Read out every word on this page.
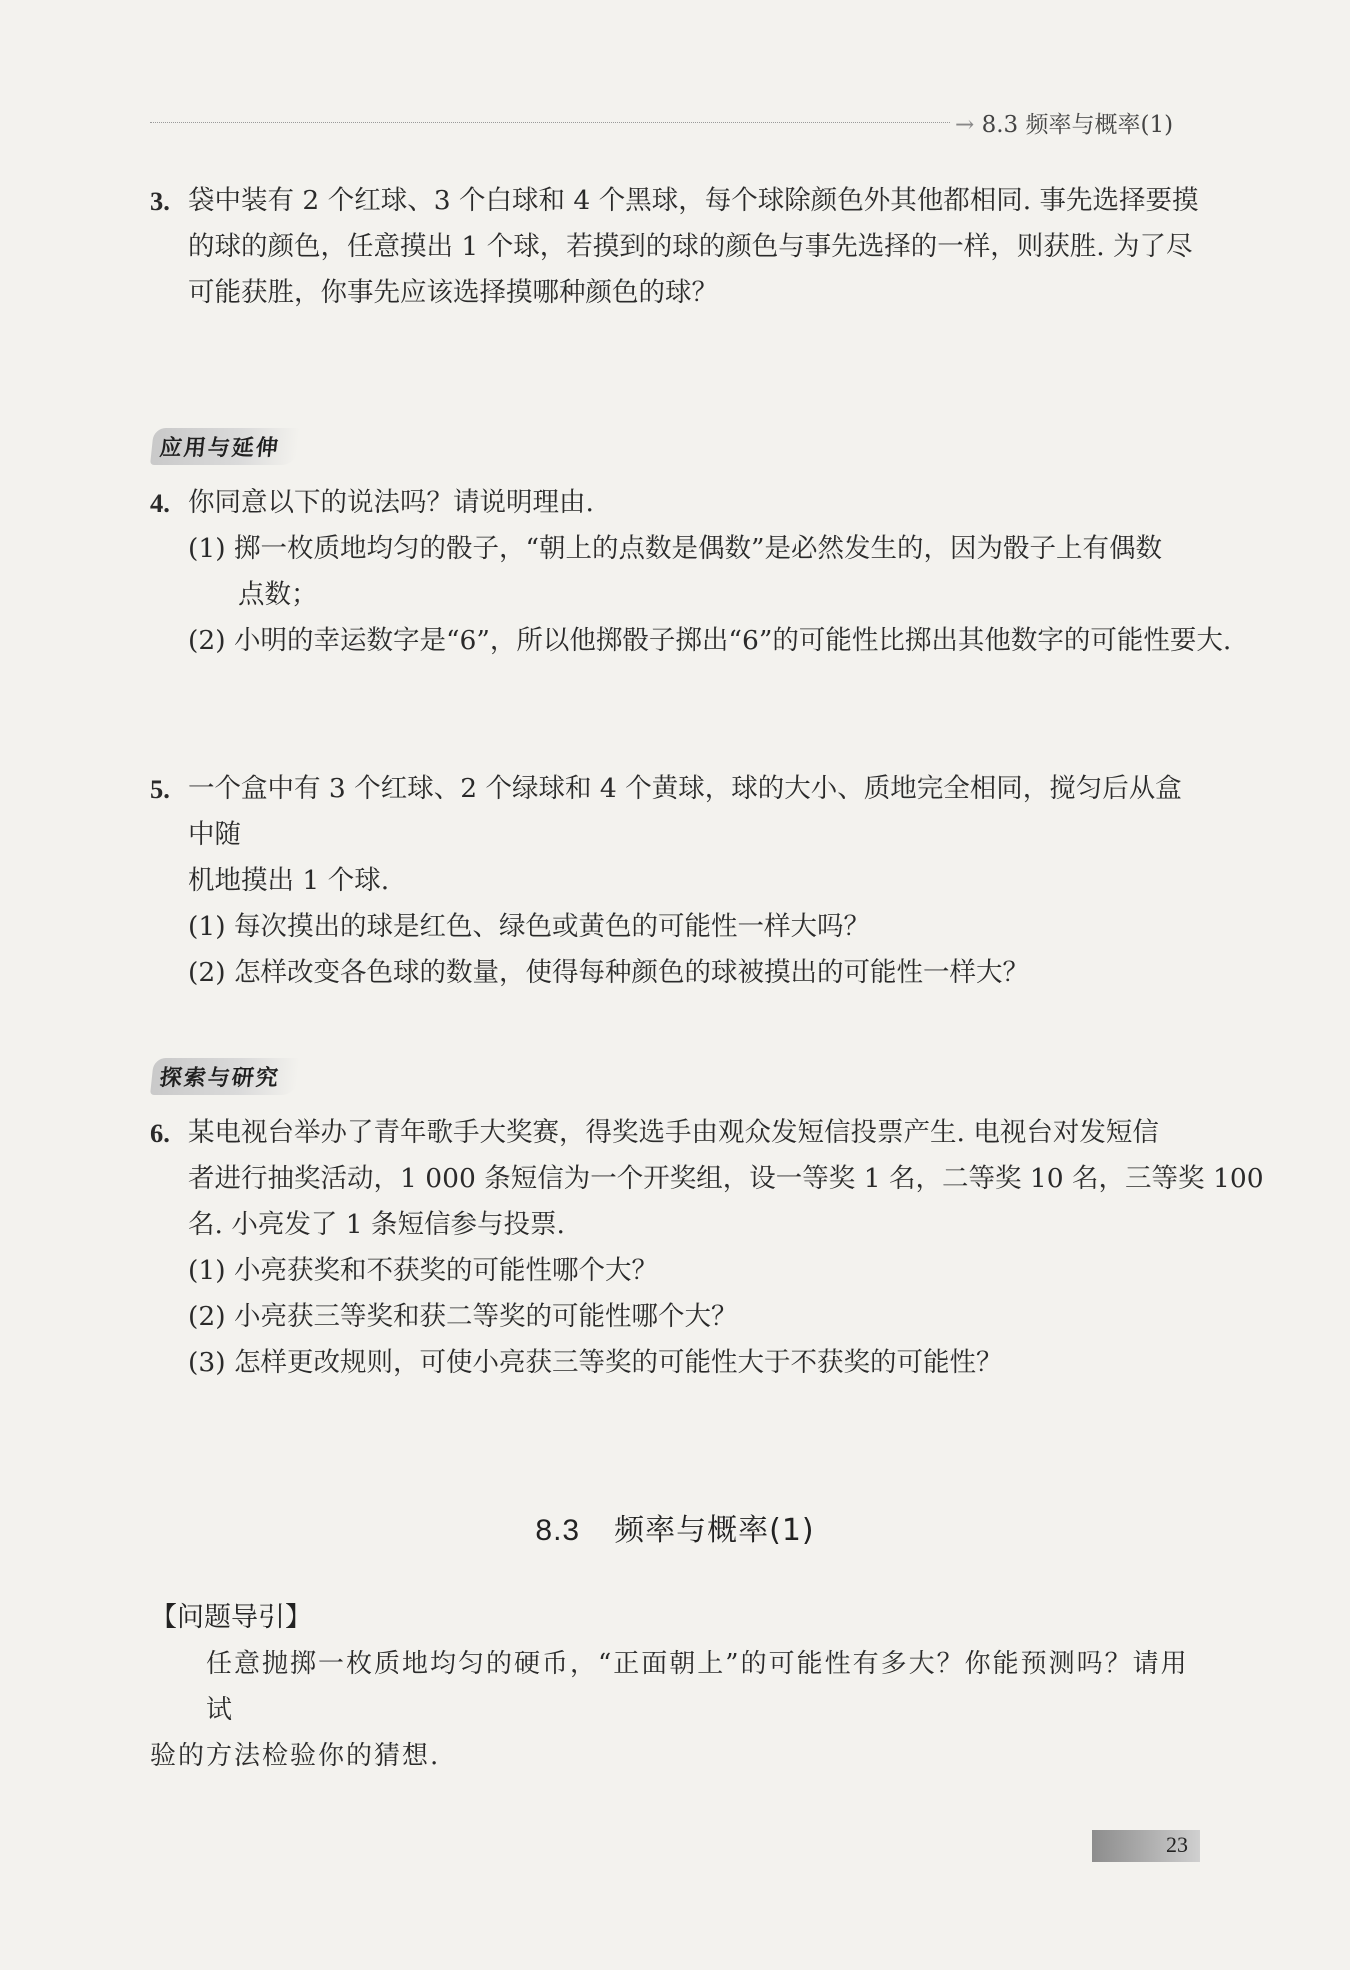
→ 8.3 频率与概率(1)

3. 袋中装有 2 个红球、3 个白球和 4 个黑球，每个球除颜色外其他都相同. 事先选择要摸

的球的颜色，任意摸出 1 个球，若摸到的球的颜色与事先选择的一样，则获胜. 为了尽

可能获胜，你事先应该选择摸哪种颜色的球？

应用与延伸

4. 你同意以下的说法吗？请说明理由.

(1) 掷一枚质地均匀的骰子，“朝上的点数是偶数”是必然发生的，因为骰子上有偶数

点数；

(2) 小明的幸运数字是“6”，所以他掷骰子掷出“6”的可能性比掷出其他数字的可能性要大.

5. 一个盒中有 3 个红球、2 个绿球和 4 个黄球，球的大小、质地完全相同，搅匀后从盒中随

机地摸出 1 个球.

(1) 每次摸出的球是红色、绿色或黄色的可能性一样大吗？

(2) 怎样改变各色球的数量，使得每种颜色的球被摸出的可能性一样大？

探索与研究

6. 某电视台举办了青年歌手大奖赛，得奖选手由观众发短信投票产生. 电视台对发短信

者进行抽奖活动，1 000 条短信为一个开奖组，设一等奖 1 名，二等奖 10 名，三等奖 100

名. 小亮发了 1 条短信参与投票.

(1) 小亮获奖和不获奖的可能性哪个大？

(2) 小亮获三等奖和获二等奖的可能性哪个大？

(3) 怎样更改规则，可使小亮获三等奖的可能性大于不获奖的可能性？

8.3 频率与概率(1)
【问题导引】

任意抛掷一枚质地均匀的硬币，“正面朝上”的可能性有多大？你能预测吗？请用试

验的方法检验你的猜想.

23
